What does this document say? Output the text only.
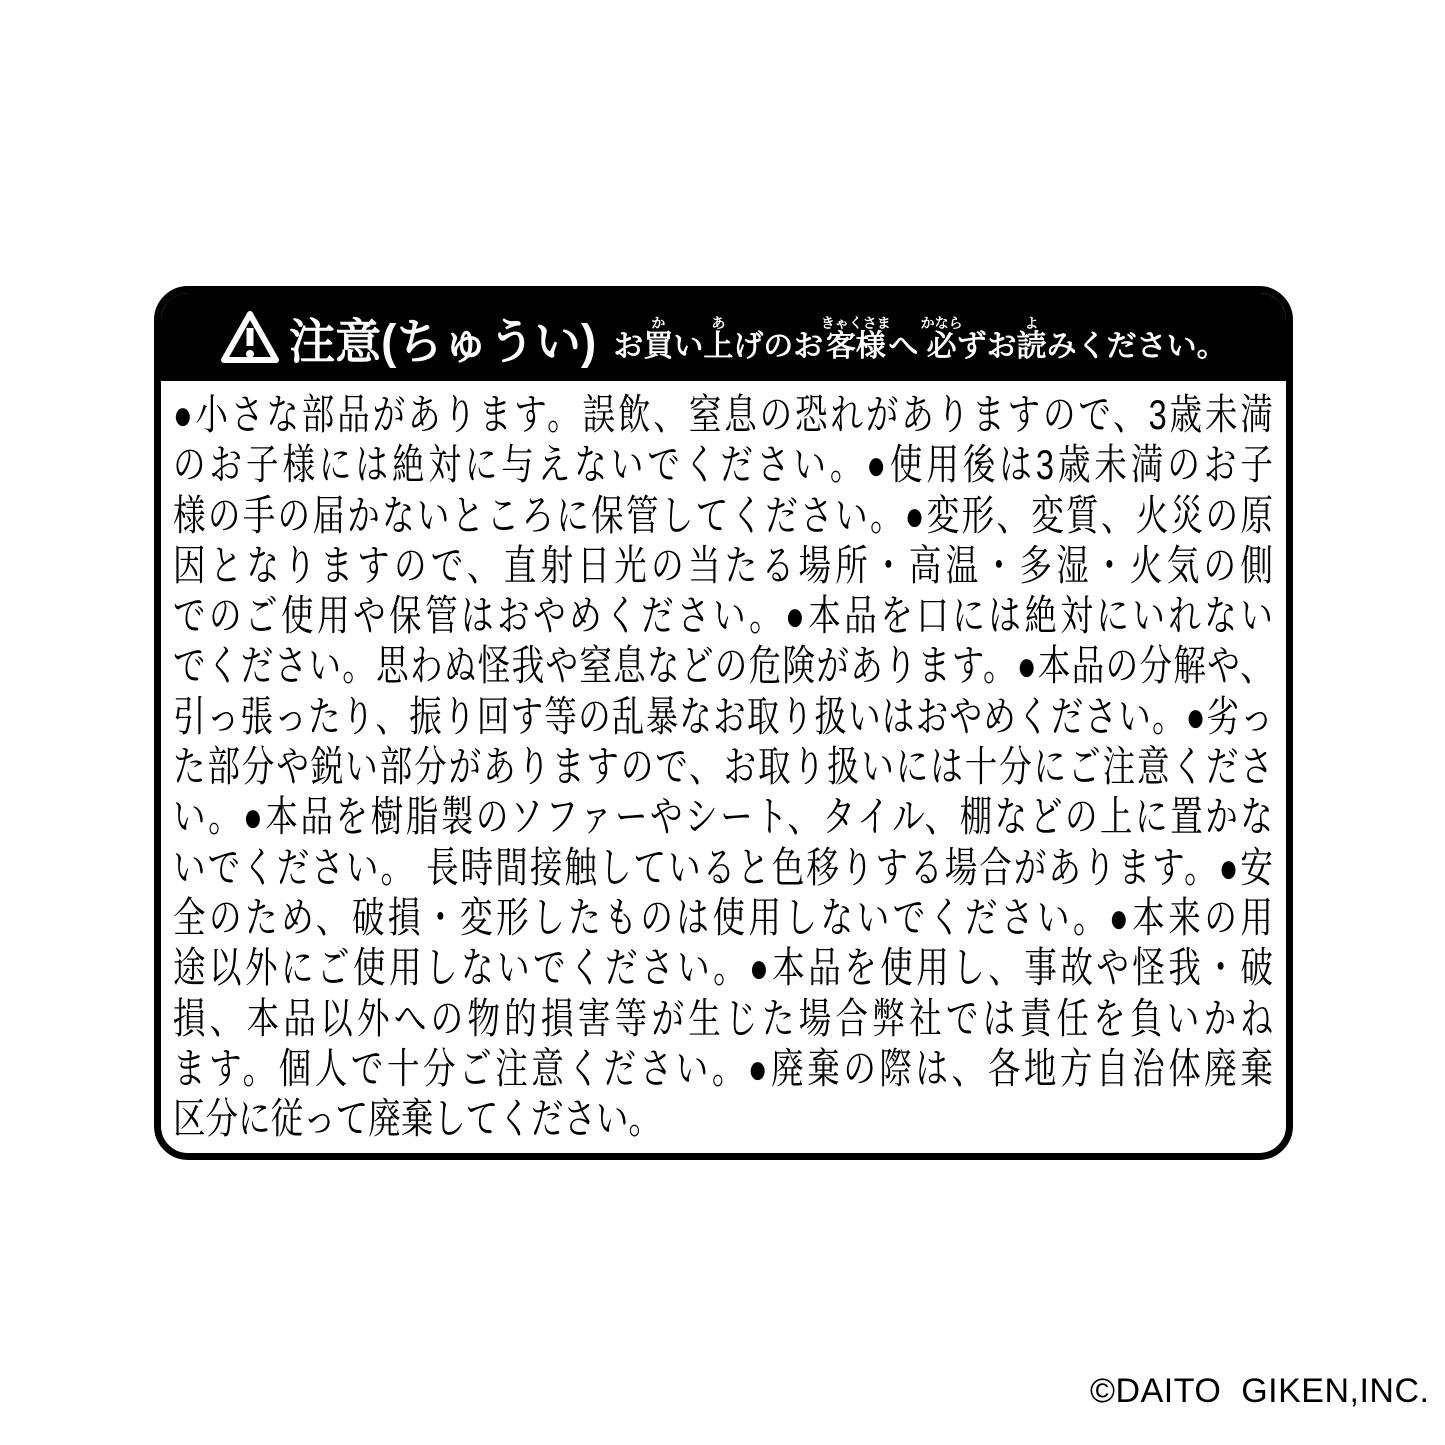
注意(ちゅうい) お買かい上あげのお客様きゃくさまへ 必かならずお読よみください。
●小さな部品があります。誤飲、窒息の恐れがありますので、3歳未満
のお子様には絶対に与えないでください。●使用後は3歳未満のお子
様の手の届かないところに保管してください。●変形、変質、火災の原
因となりますので、直射日光の当たる場所・高温・多湿・火気の側
でのご使用や保管はおやめください。●本品を口には絶対にいれない
でください。思わぬ怪我や窒息などの危険があります。●本品の分解や、
引っ張ったり、振り回す等の乱暴なお取り扱いはおやめください。●劣っ
た部分や鋭い部分がありますので、お取り扱いには十分にご注意くださ
い。●本品を樹脂製のソファーやシート、タイル、棚などの上に置かな
いでください。 長時間接触していると色移りする場合があります。●安
全のため、破損・変形したものは使用しないでください。●本来の用
途以外にご使用しないでください。●本品を使用し、事故や怪我・破
損、本品以外への物的損害等が生じた場合弊社では責任を負いかね
ます。個人で十分ご注意ください。●廃棄の際は、各地方自治体廃棄
区分に従って廃棄してください。
©DAITO  GIKEN,INC.
